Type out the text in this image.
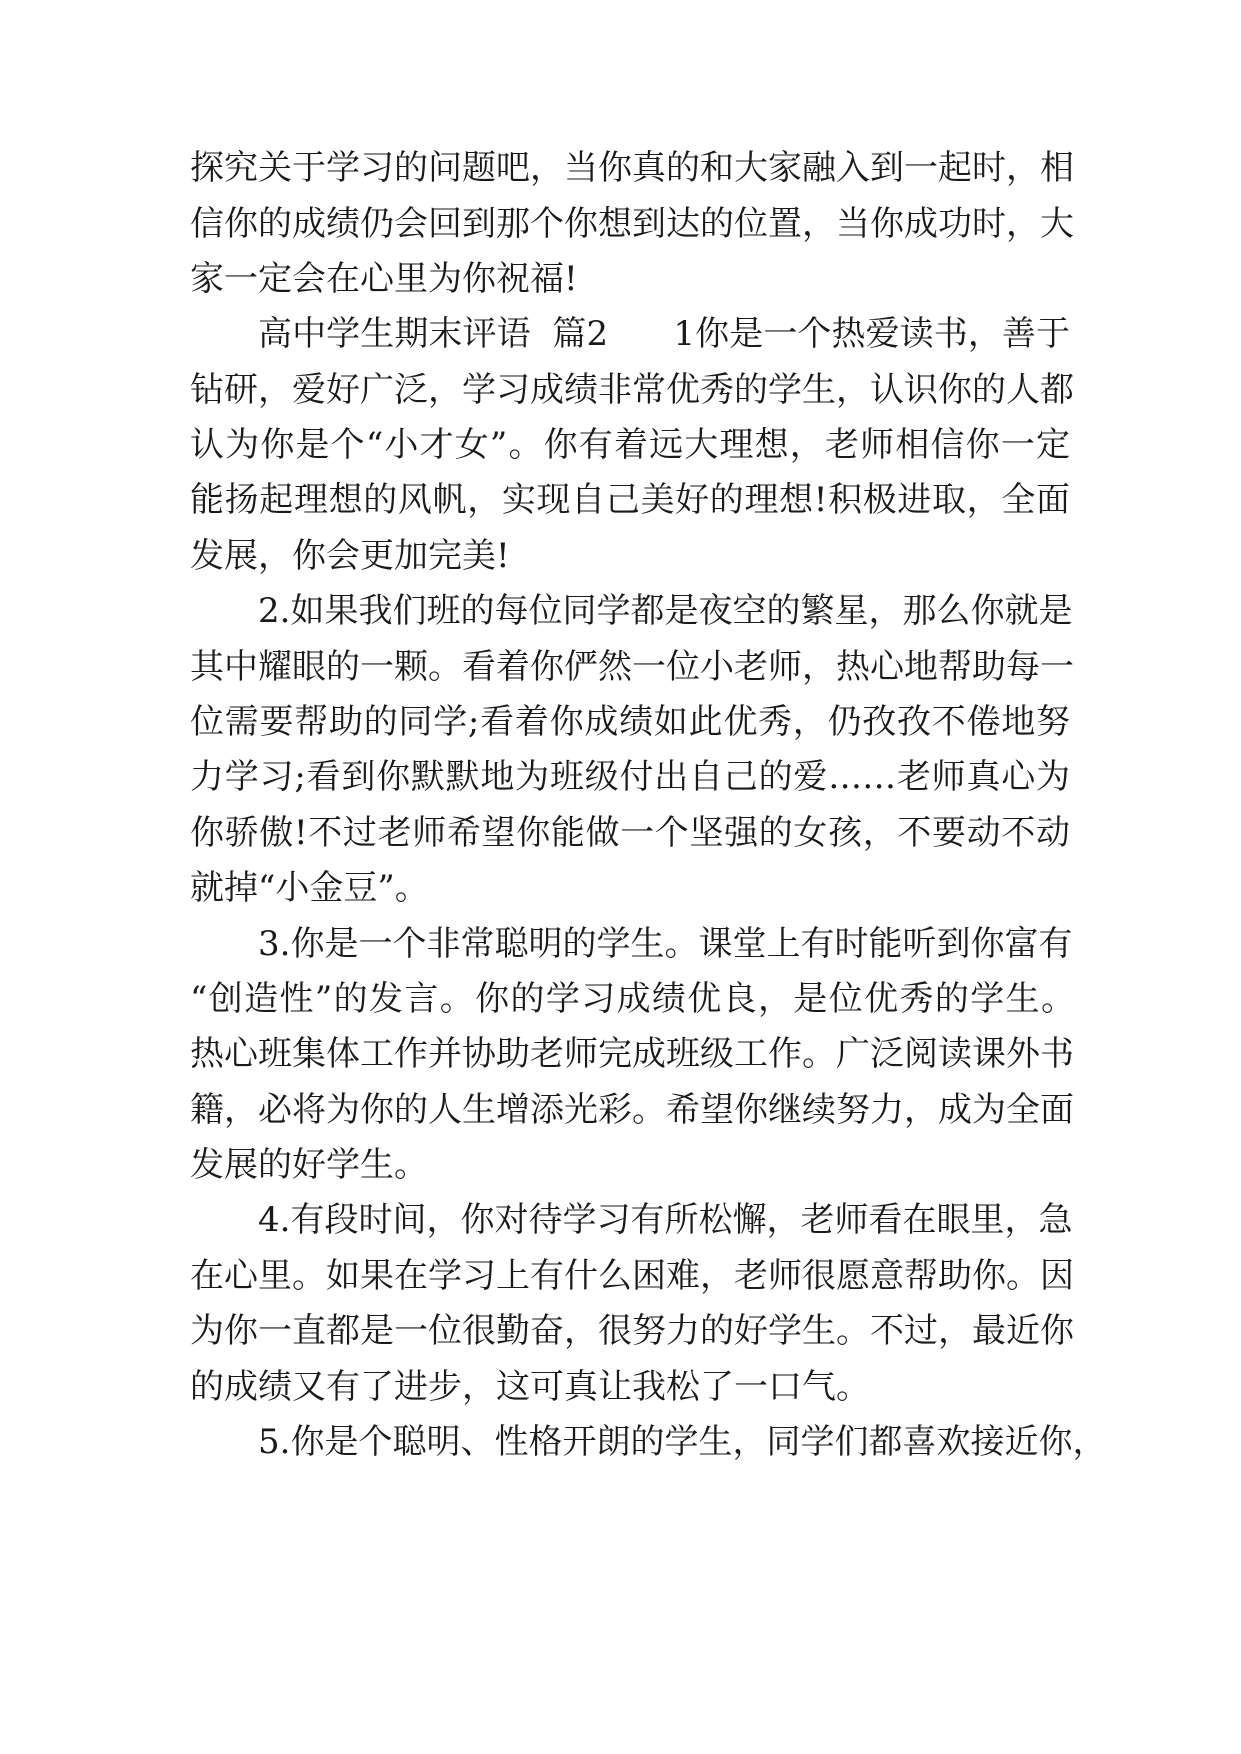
探究关于学习的问题吧，当你真的和大家融入到一起时，相
信你的成绩仍会回到那个你想到达的位置，当你成功时，大
家一定会在心里为你祝福!
高中学生期末评语  篇2      1你是一个热爱读书，善于
钻研，爱好广泛，学习成绩非常优秀的学生，认识你的人都
认为你是个“小才女”。你有着远大理想，老师相信你一定
能扬起理想的风帆，实现自己美好的理想!积极进取，全面
发展，你会更加完美!
2.如果我们班的每位同学都是夜空的繁星，那么你就是
其中耀眼的一颗。看着你俨然一位小老师，热心地帮助每一
位需要帮助的同学;看着你成绩如此优秀，仍孜孜不倦地努
力学习;看到你默默地为班级付出自己的爱……老师真心为
你骄傲!不过老师希望你能做一个坚强的女孩，不要动不动
就掉“小金豆”。
3.你是一个非常聪明的学生。课堂上有时能听到你富有
“创造性”的发言。你的学习成绩优良，是位优秀的学生。
热心班集体工作并协助老师完成班级工作。广泛阅读课外书
籍，必将为你的人生增添光彩。希望你继续努力，成为全面
发展的好学生。
4.有段时间，你对待学习有所松懈，老师看在眼里，急
在心里。如果在学习上有什么困难，老师很愿意帮助你。因
为你一直都是一位很勤奋，很努力的好学生。不过，最近你
的成绩又有了进步，这可真让我松了一口气。
5.你是个聪明、性格开朗的学生，同学们都喜欢接近你，
